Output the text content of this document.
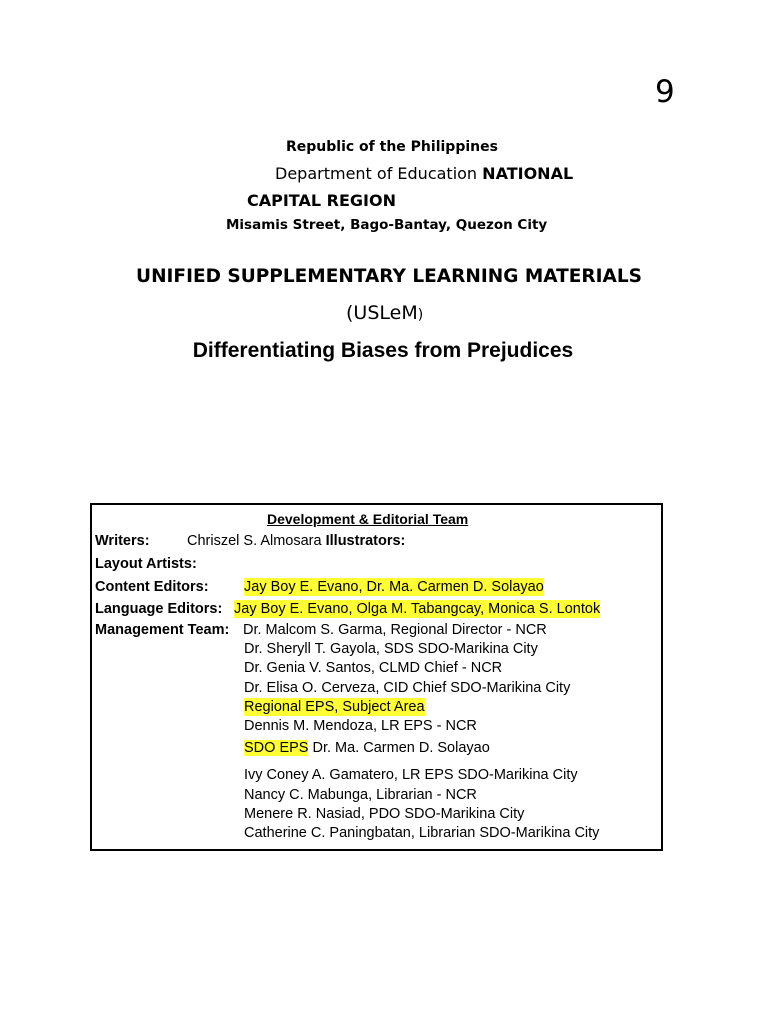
9
Republic of the Philippines
Department of Education NATIONAL
CAPITAL REGION
Misamis Street, Bago-Bantay, Quezon City
UNIFIED SUPPLEMENTARY LEARNING MATERIALS
(USLeM)
Differentiating Biases from Prejudices
Development & Editorial Team
Writers:	Chriszel S. Almosara Illustrators:
Layout Artists:
Content Editors: Jay Boy E. Evano, Dr. Ma. Carmen D. Solayao
Language Editors: Jay Boy E. Evano, Olga M. Tabangcay, Monica S. Lontok
Management Team: Dr. Malcom S. Garma, Regional Director - NCR
Dr. Sheryll T. Gayola, SDS SDO-Marikina City
Dr. Genia V. Santos, CLMD Chief - NCR
Dr. Elisa O. Cerveza, CID Chief SDO-Marikina City
Regional EPS, Subject Area
Dennis M. Mendoza, LR EPS - NCR
SDO EPS Dr. Ma. Carmen D. Solayao
Ivy Coney A. Gamatero, LR EPS SDO-Marikina City
Nancy C. Mabunga, Librarian - NCR
Menere R. Nasiad, PDO SDO-Marikina City
Catherine C. Paningbatan, Librarian SDO-Marikina City
